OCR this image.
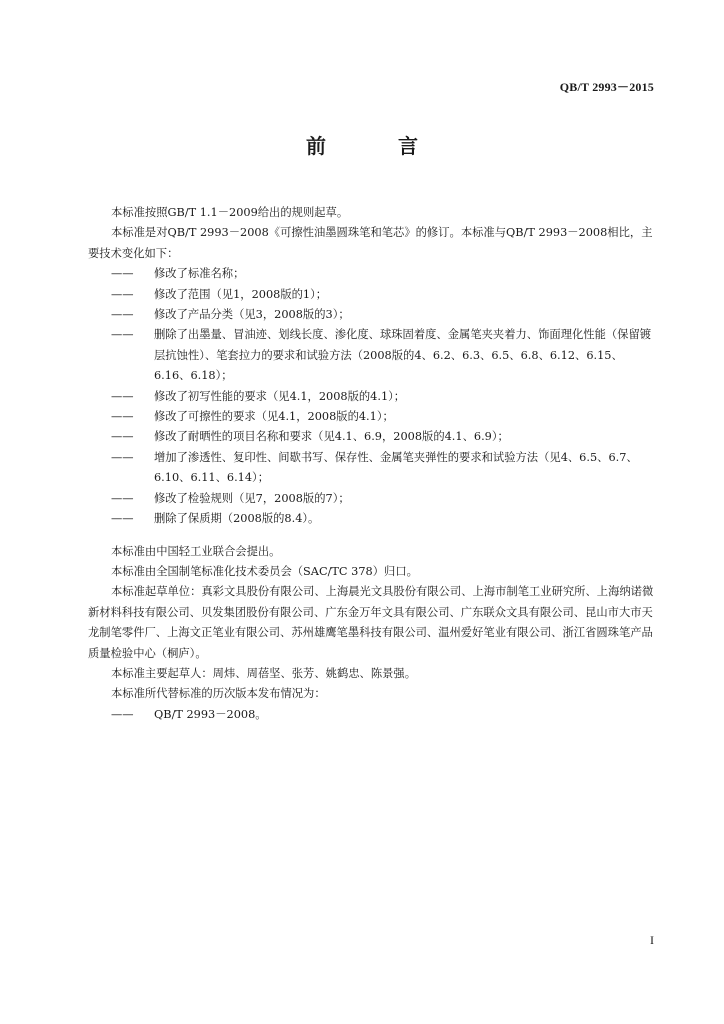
QB/T 2993－2015
前　言

本标准按照GB/T 1.1－2009给出的规则起草。

本标准是对QB/T 2993－2008《可擦性油墨圆珠笔和笔芯》的修订。本标准与QB/T 2993－2008相比，主要技术变化如下：

——	修改了标准名称；
——	修改了范围（见1，2008版的1）；
——	修改了产品分类（见3，2008版的3）；
——	删除了出墨量、冒油迹、划线长度、渗化度、球珠固着度、金属笔夹夹着力、饰面理化性能（保留镀层抗蚀性）、笔套拉力的要求和试验方法（2008版的4、6.2、6.3、6.5、6.8、6.12、6.15、6.16、6.18）；
——	修改了初写性能的要求（见4.1，2008版的4.1）；
——	修改了可擦性的要求（见4.1，2008版的4.1）；
——	修改了耐晒性的项目名称和要求（见4.1、6.9，2008版的4.1、6.9）；
——	增加了渗透性、复印性、间歇书写、保存性、金属笔夹弹性的要求和试验方法（见4、6.5、6.7、6.10、6.11、6.14）；
——	修改了检验规则（见7，2008版的7）；
——	删除了保质期（2008版的8.4）。

本标准由中国轻工业联合会提出。

本标准由全国制笔标准化技术委员会（SAC/TC 378）归口。

本标准起草单位：真彩文具股份有限公司、上海晨光文具股份有限公司、上海市制笔工业研究所、上海纳诺微新材料科技有限公司、贝发集团股份有限公司、广东金万年文具有限公司、广东联众文具有限公司、昆山市大市天龙制笔零件厂、上海文正笔业有限公司、苏州雄鹰笔墨科技有限公司、温州爱好笔业有限公司、浙江省圆珠笔产品质量检验中心（桐庐）。

本标准主要起草人：周炜、周蓓坚、张芳、姚鹤忠、陈景强。

本标准所代替标准的历次版本发布情况为：

——	QB/T 2993－2008。
I
